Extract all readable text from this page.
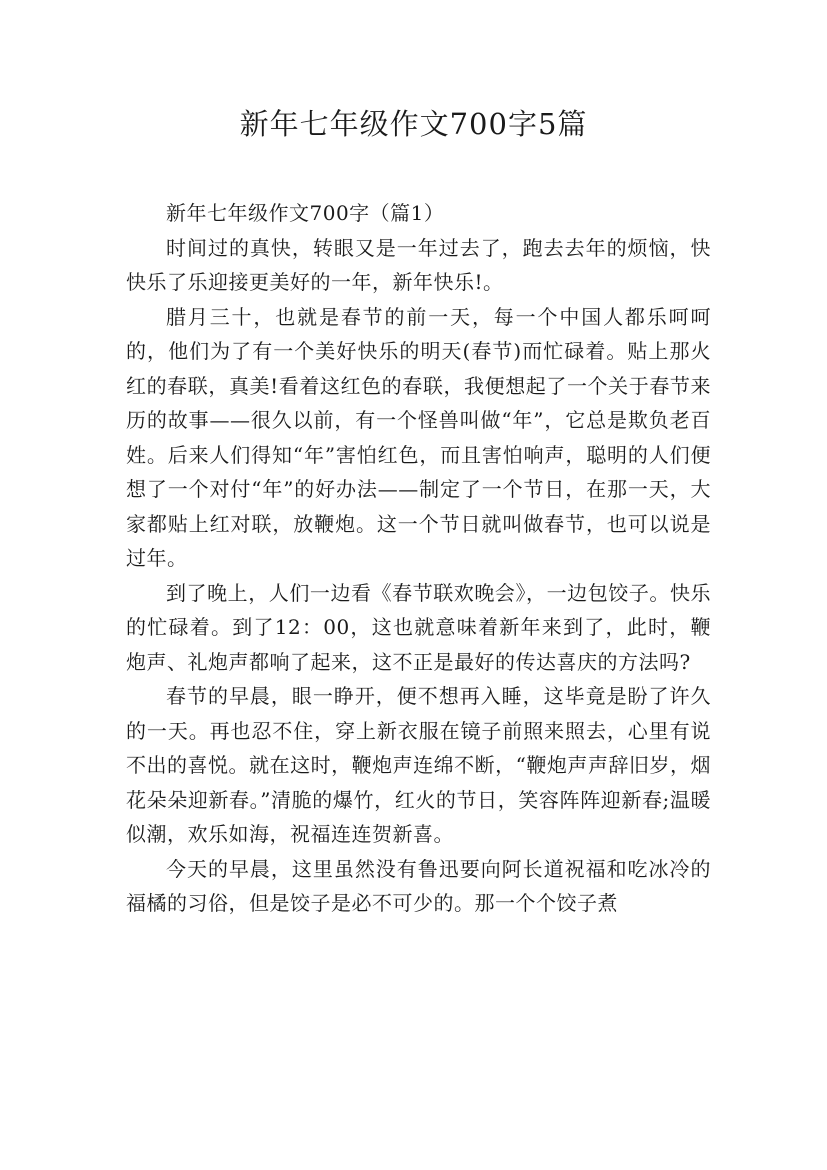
新年七年级作文700字5篇

新年七年级作文700字（篇1）

时间过的真快，转眼又是一年过去了，跑去去年的烦恼，快快乐了乐迎接更美好的一年，新年快乐!。

腊月三十，也就是春节的前一天，每一个中国人都乐呵呵的，他们为了有一个美好快乐的明天(春节)而忙碌着。贴上那火红的春联，真美!看着这红色的春联，我便想起了一个关于春节来历的故事——很久以前，有一个怪兽叫做“年”，它总是欺负老百姓。后来人们得知“年”害怕红色，而且害怕响声，聪明的人们便想了一个对付“年”的好办法——制定了一个节日，在那一天，大家都贴上红对联，放鞭炮。这一个节日就叫做春节，也可以说是过年。

到了晚上，人们一边看《春节联欢晚会》，一边包饺子。快乐的忙碌着。到了12：00，这也就意味着新年来到了，此时，鞭炮声、礼炮声都响了起来，这不正是最好的传达喜庆的方法吗?

春节的早晨，眼一睁开，便不想再入睡，这毕竟是盼了许久的一天。再也忍不住，穿上新衣服在镜子前照来照去，心里有说不出的喜悦。就在这时，鞭炮声连绵不断，“鞭炮声声辞旧岁，烟花朵朵迎新春。”清脆的爆竹，红火的节日，笑容阵阵迎新春;温暖似潮，欢乐如海，祝福连连贺新喜。

今天的早晨，这里虽然没有鲁迅要向阿长道祝福和吃冰冷的福橘的习俗，但是饺子是必不可少的。那一个个饺子煮
